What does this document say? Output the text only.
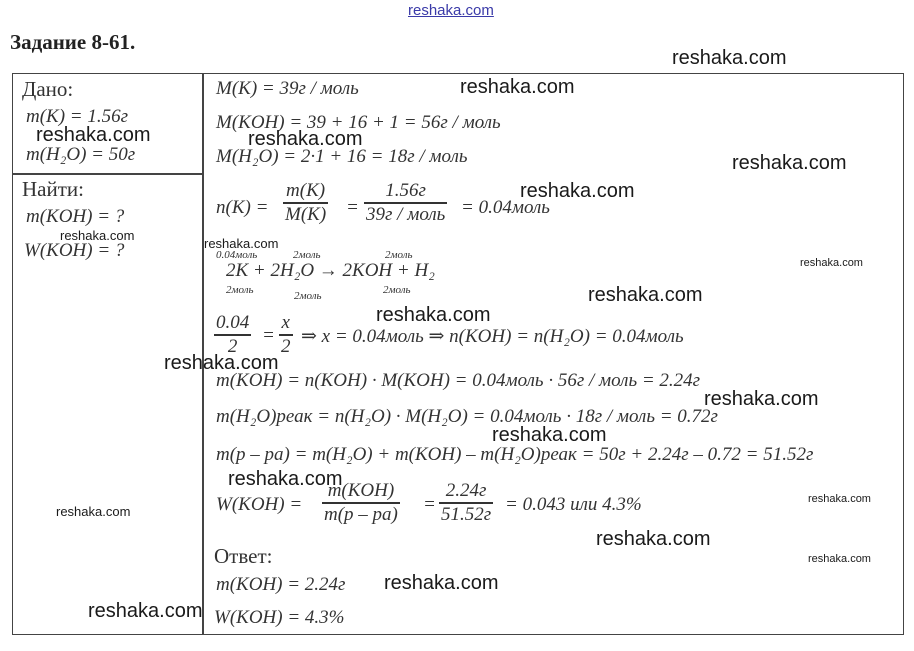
reshaka.com
Задание 8-61.
Дано:
m(K) = 1.56г
m(H₂O) = 50г
Найти:
m(KOH) = ?
W(KOH) = ?
M(K) = 39г / моль
M(KOH) = 39 + 16 + 1 = 56г / моль
M(H₂O) = 2·1 + 16 = 18г / моль
n(K) =
m(K)
M(K) =
1.56г
39г / моль = 0.04моль
0.04моль	2моль	2моль
2K + 2H₂O → 2KOH + H₂
2моль	2моль	2моль
0.04
2 =
x
2 ⇒ x = 0.04моль ⇒ n(KOH) = n(H₂O) = 0.04моль
m(KOH) = n(KOH) · M(KOH) = 0.04моль · 56г / моль = 2.24г
m(H₂O)реак = n(H₂O) · M(H₂O) = 0.04моль · 18г / моль = 0.72г
m(р – ра) = m(H₂O) + m(KOH) – m(H₂O)реак = 50г + 2.24г – 0.72 = 51.52г
W(KOH) =
m(KOH)
m(р – ра) =
2.24г
51.52г = 0.043 или 4.3%
Ответ:
m(KOH) = 2.24г
W(KOH) = 4.3%
reshaka.com
reshaka.com
reshaka.com	reshaka.com
reshaka.com
reshaka.com
reshaka.com
reshaka.com
reshaka.com
reshaka.com
reshaka.com
reshaka.com
reshaka.com
reshaka.com
reshaka.com
reshaka.com
reshaka.com
reshaka.com
reshaka.com
reshaka.com
reshaka.com
